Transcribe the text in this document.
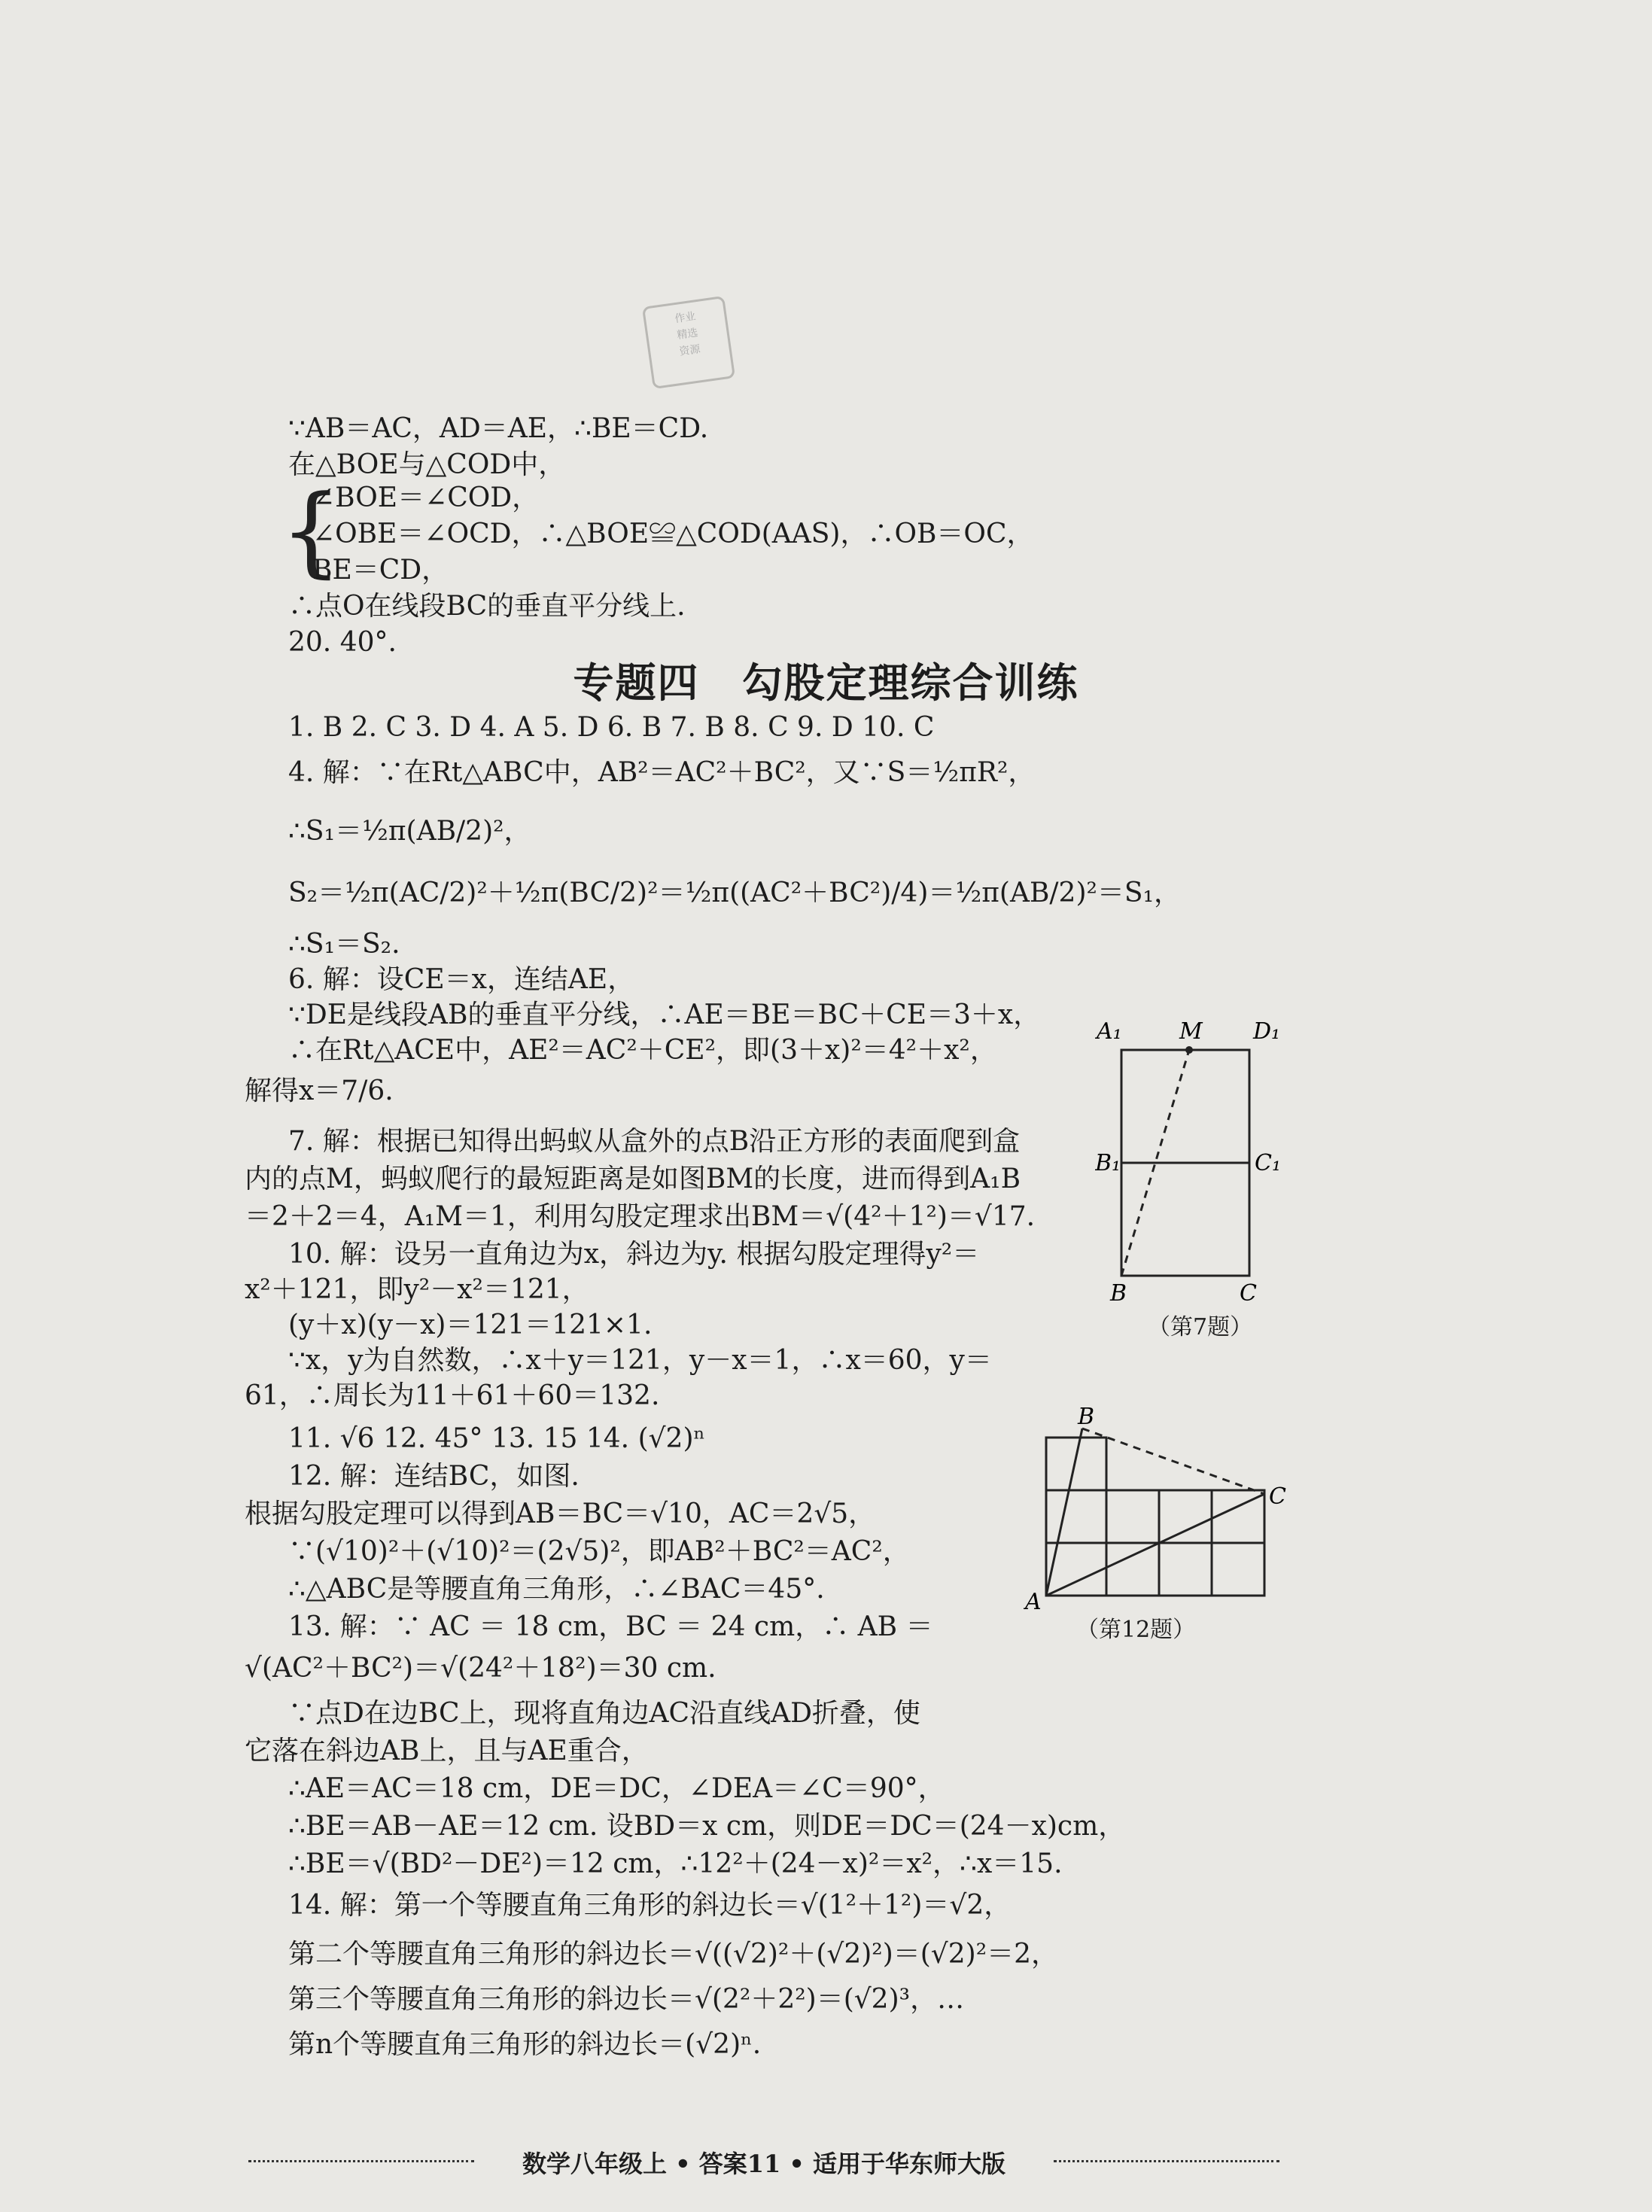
作业
精选
资源
∵AB＝AC，AD＝AE，∴BE＝CD.
在△BOE与△COD中，
{
∠BOE＝∠COD，
∠OBE＝∠OCD，∴△BOE≌△COD(AAS)，∴OB＝OC，
BE＝CD，
∴点O在线段BC的垂直平分线上.
20. 40°.
专题四　勾股定理综合训练
1. B 2. C 3. D 4. A 5. D 6. B 7. B 8. C 9. D 10. C
4. 解：∵在Rt△ABC中，AB²＝AC²＋BC²，又∵S＝½πR²，
∴S₁＝½π(AB/2)²，
S₂＝½π(AC/2)²＋½π(BC/2)²＝½π((AC²＋BC²)/4)＝½π(AB/2)²＝S₁，
∴S₁＝S₂.
6. 解：设CE＝x，连结AE，
∵DE是线段AB的垂直平分线，∴AE＝BE＝BC＋CE＝3＋x，
∴在Rt△ACE中，AE²＝AC²＋CE²，即(3＋x)²＝4²＋x²，
解得x＝7/6.
7. 解：根据已知得出蚂蚁从盒外的点B沿正方形的表面爬到盒
内的点M，蚂蚁爬行的最短距离是如图BM的长度，进而得到A₁B
＝2＋2＝4，A₁M＝1，利用勾股定理求出BM＝√(4²＋1²)＝√17.
10. 解：设另一直角边为x，斜边为y. 根据勾股定理得y²＝
x²＋121，即y²－x²＝121，
(y＋x)(y－x)＝121＝121×1.
∵x，y为自然数，∴x＋y＝121，y－x＝1，∴x＝60，y＝
61，∴周长为11＋61＋60＝132.
11. √6 12. 45° 13. 15 14. (√2)ⁿ
12. 解：连结BC，如图.
根据勾股定理可以得到AB＝BC＝√10，AC＝2√5，
∵(√10)²＋(√10)²＝(2√5)²，即AB²＋BC²＝AC²，
∴△ABC是等腰直角三角形，∴∠BAC＝45°.
13. 解：∵ AC ＝ 18 cm，BC ＝ 24 cm，∴ AB ＝
√(AC²＋BC²)＝√(24²＋18²)＝30 cm.
∵点D在边BC上，现将直角边AC沿直线AD折叠，使
它落在斜边AB上，且与AE重合，
∴AE＝AC＝18 cm，DE＝DC，∠DEA＝∠C＝90°，
∴BE＝AB－AE＝12 cm. 设BD＝x cm，则DE＝DC＝(24－x)cm，
∴BE＝√(BD²－DE²)＝12 cm，∴12²＋(24－x)²＝x²，∴x＝15.
14. 解：第一个等腰直角三角形的斜边长＝√(1²＋1²)＝√2，
第二个等腰直角三角形的斜边长＝√((√2)²＋(√2)²)＝(√2)²＝2，
第三个等腰直角三角形的斜边长＝√(2²＋2²)＝(√2)³，…
第n个等腰直角三角形的斜边长＝(√2)ⁿ.
A₁	M D₁
B₁	C₁
B	C
（第7题）
B
C
A
（第12题）
数学八年级上 • 答案11 • 适用于华东师大版
